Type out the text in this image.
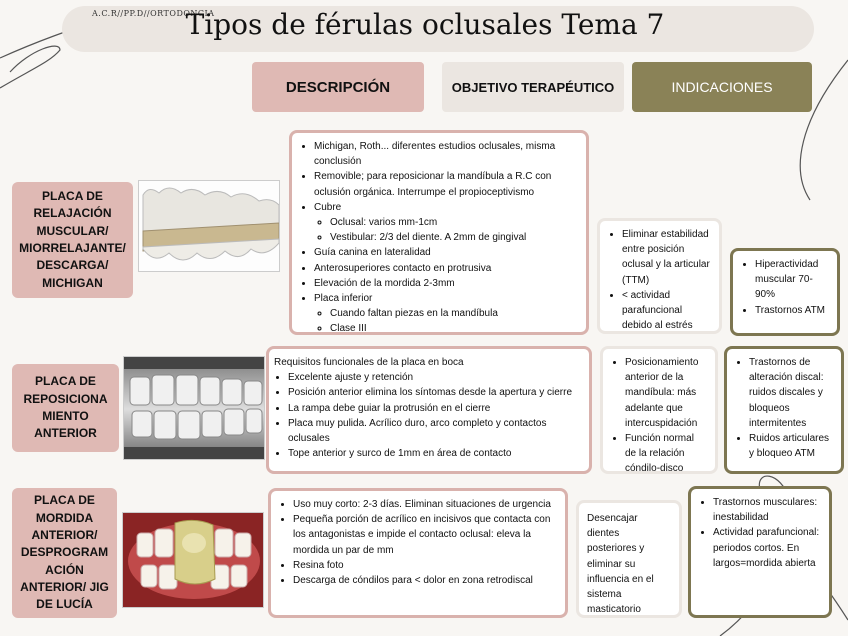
A.C.R//PP.D//ORTODONCIA
Tipos de férulas oclusales Tema 7
DESCRIPCIÓN	OBJETIVO TERAPÉUTICO	INDICACIONES
PLACA DE RELAJACIÓN MUSCULAR/ MIORRELAJANTE/ DESCARGA/ MICHIGAN
• Michigan, Roth... diferentes estudios oclusales, misma conclusión
• Removible; para reposicionar la mandíbula a R.C con oclusión orgánica. Interrumpe el propioceptivismo
• Cubre
◦ Oclusal: varios mm-1cm
◦ Vestibular: 2/3 del diente. A 2mm de gingival
• Guía canina en lateralidad
• Anterosuperiores contacto en protrusiva
• Elevación de la mordida 2-3mm
• Placa inferior
◦ Cuando faltan piezas en la mandíbula
◦ Clase III
• Eliminar estabilidad entre posición oclusal y la articular (TTM)
• < actividad parafuncional debido al estrés
• Hiperactividad muscular 70-90%
• Trastornos ATM
PLACA DE REPOSICIONA MIENTO ANTERIOR

Requisitos funcionales de la placa en boca

• Excelente ajuste y retención
• Posición anterior elimina los síntomas desde la apertura y cierre
• La rampa debe guiar la protrusión en el cierre
• Placa muy pulida. Acrílico duro, arco completo y contactos oclusales
• Tope anterior y surco de 1mm en área de contacto
• Posicionamiento anterior de la mandíbula: más adelante que intercuspidación
• Función normal de la relación cóndilo-disco
• Trastornos de alteración discal: ruidos discales y bloqueos intermitentes
• Ruidos articulares y bloqueo ATM
PLACA DE MORDIDA ANTERIOR/ DESPROGRAM ACIÓN ANTERIOR/ JIG DE LUCÍA
• Uso muy corto: 2-3 días. Eliminan situaciones de urgencia
• Pequeña porción de acrílico en incisivos que contacta con los antagonistas e impide el contacto oclusal: eleva la mordida un par de mm
• Resina foto
• Descarga de cóndilos para < dolor en zona retrodiscal

Desencajar dientes posteriores y eliminar su influencia en el sistema masticatorio

• Trastornos musculares: inestabilidad
• Actividad parafuncional: periodos cortos. En largos=mordida abierta
